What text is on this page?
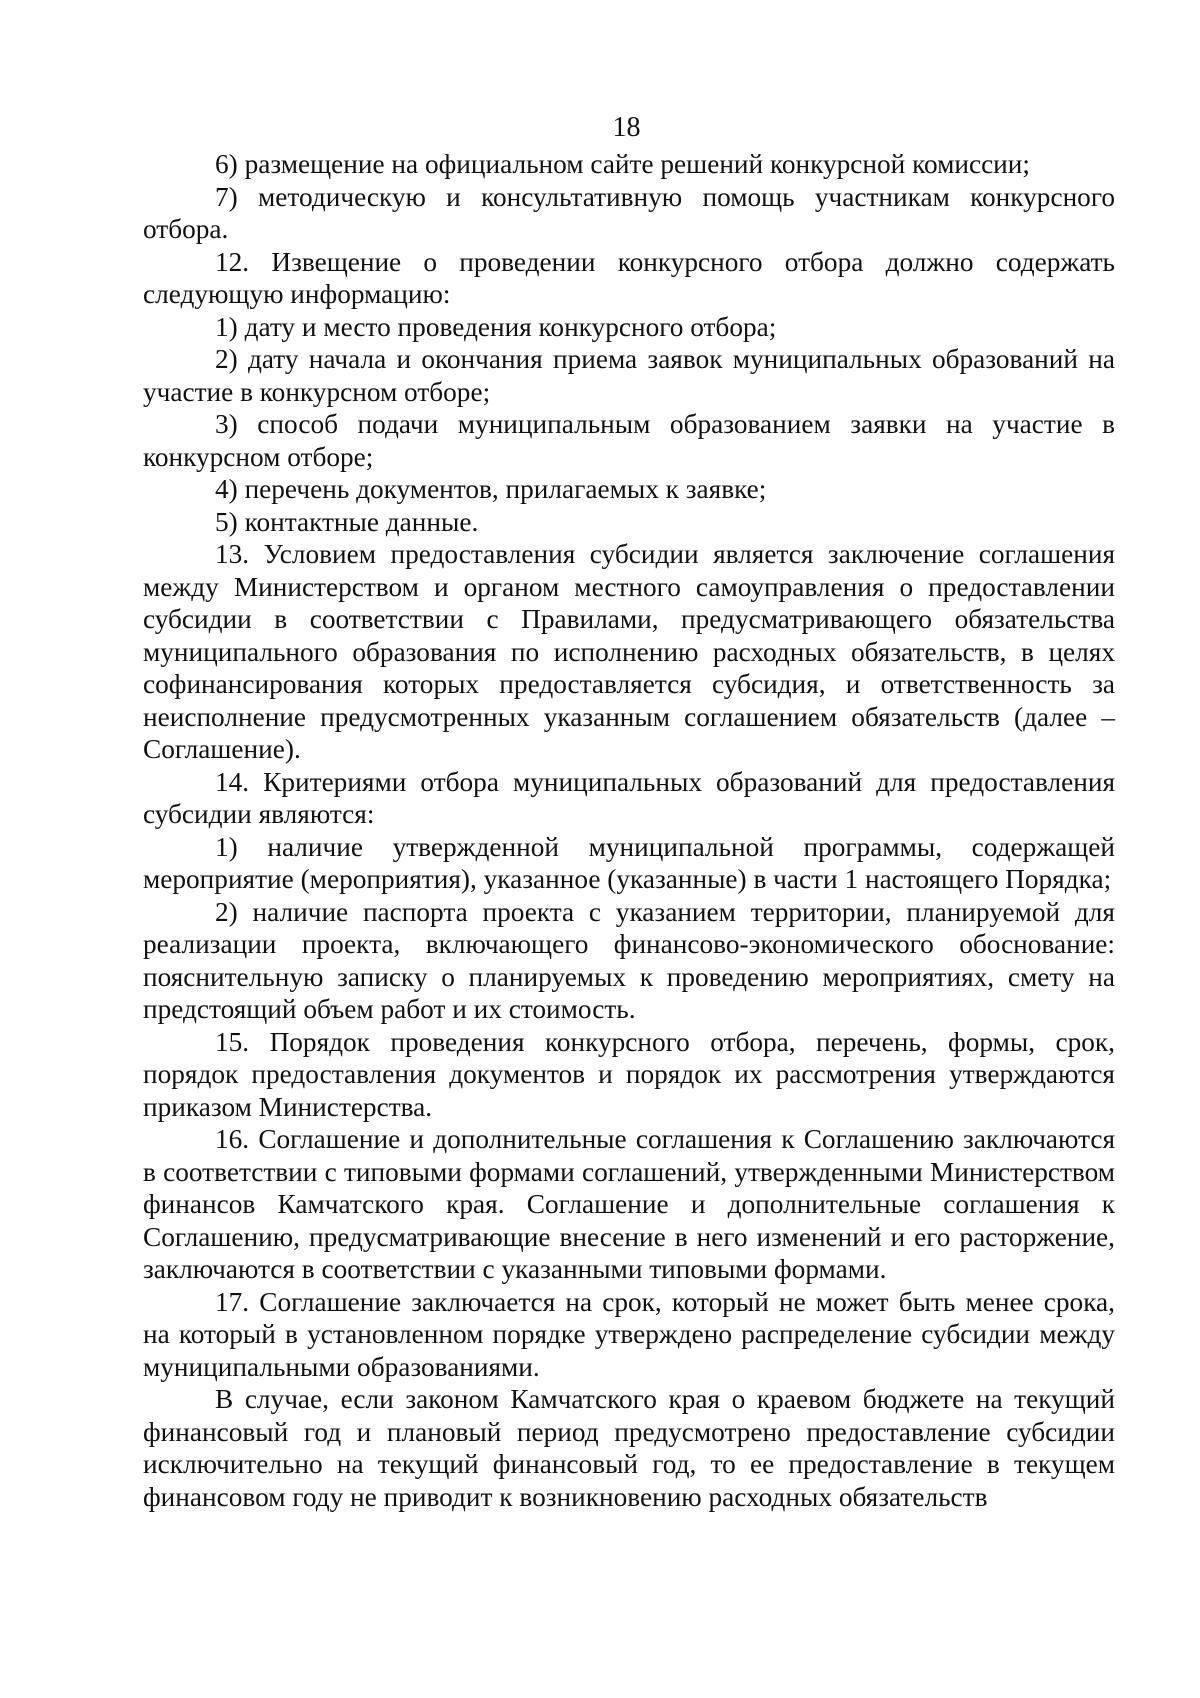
18

6) размещение на официальном сайте решений конкурсной комиссии;

7) методическую и консультативную помощь участникам конкурсного отбора.

12. Извещение о проведении конкурсного отбора должно содержать следующую информацию:

1) дату и место проведения конкурсного отбора;

2) дату начала и окончания приема заявок муниципальных образований на участие в конкурсном отборе;

3) способ подачи муниципальным образованием заявки на участие в конкурсном отборе;

4) перечень документов, прилагаемых к заявке;

5) контактные данные.

13. Условием предоставления субсидии является заключение соглашения между Министерством и органом местного самоуправления о предоставлении субсидии в соответствии с Правилами, предусматривающего обязательства муниципального образования по исполнению расходных обязательств, в целях софинансирования которых предоставляется субсидия, и ответственность за неисполнение предусмотренных указанным соглашением обязательств (далее – Соглашение).

14. Критериями отбора муниципальных образований для предоставления субсидии являются:

1) наличие утвержденной муниципальной программы, содержащей мероприятие (мероприятия), указанное (указанные) в части 1 настоящего Порядка;

2) наличие паспорта проекта с указанием территории, планируемой для реализации проекта, включающего финансово-экономического обоснование: пояснительную записку о планируемых к проведению мероприятиях, смету на предстоящий объем работ и их стоимость.

15. Порядок проведения конкурсного отбора, перечень, формы, срок, порядок предоставления документов и порядок их рассмотрения утверждаются приказом Министерства.

16. Соглашение и дополнительные соглашения к Соглашению заключаются в соответствии с типовыми формами соглашений, утвержденными Министерством финансов Камчатского края. Соглашение и дополнительные соглашения к Соглашению, предусматривающие внесение в него изменений и его расторжение, заключаются в соответствии с указанными типовыми формами.

17. Соглашение заключается на срок, который не может быть менее срока, на который в установленном порядке утверждено распределение субсидии между муниципальными образованиями.

В случае, если законом Камчатского края о краевом бюджете на текущий финансовый год и плановый период предусмотрено предоставление субсидии исключительно на текущий финансовый год, то ее предоставление в текущем финансовом году не приводит к возникновению расходных обязательств
